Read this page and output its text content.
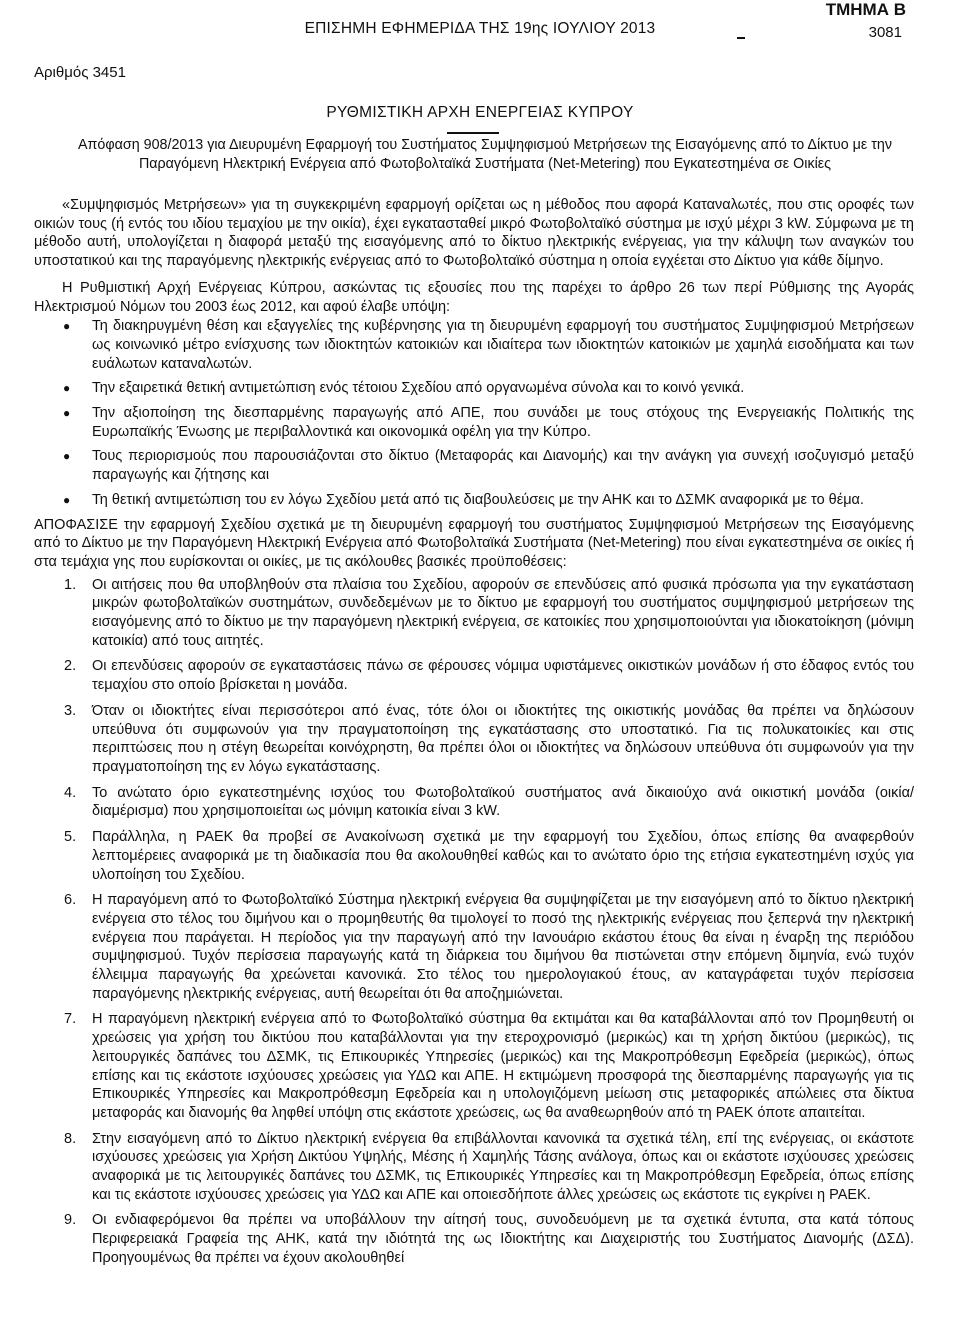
ΕΠΙΣΗΜΗ ΕΦΗΜΕΡΙΔΑ ΤΗΣ 19ης ΙΟΥΛΙΟΥ 2013
ΤΜΗΜΑ Β
3081
Αριθμός 3451
ΡΥΘΜΙΣΤΙΚΗ ΑΡΧΗ ΕΝΕΡΓΕΙΑΣ ΚΥΠΡΟΥ
Απόφαση 908/2013 για Διευρυμένη Εφαρμογή του Συστήματος Συμψηφισμού Μετρήσεων της Εισαγόμενης από το Δίκτυο με την Παραγόμενη Ηλεκτρική Ενέργεια από Φωτοβολταϊκά Συστήματα (Net-Metering) που Εγκατεστημένα σε Οικίες

«Συμψηφισμός Μετρήσεων» για τη συγκεκριμένη εφαρμογή ορίζεται ως η μέθοδος που αφορά Καταναλωτές, που στις οροφές των οικιών τους (ή εντός του ιδίου τεμαχίου με την οικία), έχει εγκατασταθεί μικρό Φωτοβολταϊκό σύστημα με ισχύ μέχρι 3 kW. Σύμφωνα με τη μέθοδο αυτή, υπολογίζεται η διαφορά μεταξύ της εισαγόμενης από το δίκτυο ηλεκτρικής ενέργειας, για την κάλυψη των αναγκών του υποστατικού και της παραγόμενης ηλεκτρικής ενέργειας από το Φωτοβολταϊκό σύστημα η οποία εγχέεται στο Δίκτυο για κάθε δίμηνο.

Η Ρυθμιστική Αρχή Ενέργειας Κύπρου, ασκώντας τις εξουσίες που της παρέχει το άρθρο 26 των περί Ρύθμισης της Αγοράς Ηλεκτρισμού Νόμων του 2003 έως 2012, και αφού έλαβε υπόψη:

● Τη διακηρυγμένη θέση και εξαγγελίες της κυβέρνησης για τη διευρυμένη εφαρμογή του συστήματος Συμψηφισμού Μετρήσεων ως κοινωνικό μέτρο ενίσχυσης των ιδιοκτητών κατοικιών και ιδιαίτερα των ιδιοκτητών κατοικιών με χαμηλά εισοδήματα και των ευάλωτων καταναλωτών.
● Την εξαιρετικά θετική αντιμετώπιση ενός τέτοιου Σχεδίου από οργανωμένα σύνολα και το κοινό γενικά.
● Την αξιοποίηση της διεσπαρμένης παραγωγής από ΑΠΕ, που συνάδει με τους στόχους της Ενεργειακής Πολιτικής της Ευρωπαϊκής Ένωσης με περιβαλλοντικά και οικονομικά οφέλη για την Κύπρο.
● Τους περιορισμούς που παρουσιάζονται στο δίκτυο (Μεταφοράς και Διανομής) και την ανάγκη για συνεχή ισοζυγισμό μεταξύ παραγωγής και ζήτησης και
● Τη θετική αντιμετώπιση του εν λόγω Σχεδίου μετά από τις διαβουλεύσεις με την ΑΗΚ και το ΔΣΜΚ αναφορικά με το θέμα.

ΑΠΟΦΑΣΙΣΕ την εφαρμογή Σχεδίου σχετικά με τη διευρυμένη εφαρμογή του συστήματος Συμψηφισμού Μετρήσεων της Εισαγόμενης από το Δίκτυο με την Παραγόμενη Ηλεκτρική Ενέργεια από Φωτοβολταϊκά Συστήματα (Net-Metering) που είναι εγκατεστημένα σε οικίες ή στα τεμάχια γης που ευρίσκονται οι οικίες, με τις ακόλουθες βασικές προϋποθέσεις:

1. Οι αιτήσεις που θα υποβληθούν στα πλαίσια του Σχεδίου, αφορούν σε επενδύσεις από φυσικά πρόσωπα για την εγκατάσταση μικρών φωτοβολταϊκών συστημάτων, συνδεδεμένων με το δίκτυο με εφαρμογή του συστήματος συμψηφισμού μετρήσεων της εισαγόμενης από το δίκτυο με την παραγόμενη ηλεκτρική ενέργεια, σε κατοικίες που χρησιμοποιούνται για ιδιοκατοίκηση (μόνιμη κατοικία) από τους αιτητές.
2. Οι επενδύσεις αφορούν σε εγκαταστάσεις πάνω σε φέρουσες νόμιμα υφιστάμενες οικιστικών μονάδων ή στο έδαφος εντός του τεμαχίου στο οποίο βρίσκεται η μονάδα.
3. Όταν οι ιδιοκτήτες είναι περισσότεροι από ένας, τότε όλοι οι ιδιοκτήτες της οικιστικής μονάδας θα πρέπει να δηλώσουν υπεύθυνα ότι συμφωνούν για την πραγματοποίηση της εγκατάστασης στο υποστατικό. Για τις πολυκατοικίες και στις περιπτώσεις που η στέγη θεωρείται κοινόχρηστη, θα πρέπει όλοι οι ιδιοκτήτες να δηλώσουν υπεύθυνα ότι συμφωνούν για την πραγματοποίηση της εν λόγω εγκατάστασης.
4. Το ανώτατο όριο εγκατεστημένης ισχύος του Φωτοβολταϊκού συστήματος ανά δικαιούχο ανά οικιστική μονάδα (οικία/ διαμέρισμα) που χρησιμοποιείται ως μόνιμη κατοικία είναι 3 kW.
5. Παράλληλα, η ΡΑΕΚ θα προβεί σε Ανακοίνωση σχετικά με την εφαρμογή του Σχεδίου, όπως επίσης θα αναφερθούν λεπτομέρειες αναφορικά με τη διαδικασία που θα ακολουθηθεί καθώς και το ανώτατο όριο της ετήσια εγκατεστημένη ισχύς για υλοποίηση του Σχεδίου.
6. Η παραγόμενη από το Φωτοβολταϊκό Σύστημα ηλεκτρική ενέργεια θα συμψηφίζεται με την εισαγόμενη από το δίκτυο ηλεκτρική ενέργεια στο τέλος του διμήνου και ο προμηθευτής θα τιμολογεί το ποσό της ηλεκτρικής ενέργειας που ξεπερνά την ηλεκτρική ενέργεια που παράγεται. Η περίοδος για την παραγωγή από την Ιανουάριο εκάστου έτους θα είναι η έναρξη της περιόδου συμψηφισμού. Τυχόν περίσσεια παραγωγής κατά τη διάρκεια του διμήνου θα πιστώνεται στην επόμενη διμηνία, ενώ τυχόν έλλειμμα παραγωγής θα χρεώνεται κανονικά. Στο τέλος του ημερολογιακού έτους, αν καταγράφεται τυχόν περίσσεια παραγόμενης ηλεκτρικής ενέργειας, αυτή θεωρείται ότι θα αποζημιώνεται.
7. Η παραγόμενη ηλεκτρική ενέργεια από το Φωτοβολταϊκό σύστημα θα εκτιμάται και θα καταβάλλονται από τον Προμηθευτή οι χρεώσεις για χρήση του δικτύου που καταβάλλονται για την ετεροχρονισμό (μερικώς) και τη χρήση δικτύου (μερικώς), τις λειτουργικές δαπάνες του ΔΣΜΚ, τις Επικουρικές Υπηρεσίες (μερικώς) και της Μακροπρόθεσμη Εφεδρεία (μερικώς), όπως επίσης και τις εκάστοτε ισχύουσες χρεώσεις για ΥΔΩ και ΑΠΕ. Η εκτιμώμενη προσφορά της διεσπαρμένης παραγωγής για τις Επικουρικές Υπηρεσίες και Μακροπρόθεσμη Εφεδρεία και η υπολογιζόμενη μείωση στις μεταφορικές απώλειες στα δίκτυα μεταφοράς και διανομής θα ληφθεί υπόψη στις εκάστοτε χρεώσεις, ως θα αναθεωρηθούν από τη ΡΑΕΚ όποτε απαιτείται.
8. Στην εισαγόμενη από το Δίκτυο ηλεκτρική ενέργεια θα επιβάλλονται κανονικά τα σχετικά τέλη, επί της ενέργειας, οι εκάστοτε ισχύουσες χρεώσεις για Χρήση Δικτύου Υψηλής, Μέσης ή Χαμηλής Τάσης ανάλογα, όπως και οι εκάστοτε ισχύουσες χρεώσεις αναφορικά με τις λειτουργικές δαπάνες του ΔΣΜΚ, τις Επικουρικές Υπηρεσίες και τη Μακροπρόθεσμη Εφεδρεία, όπως επίσης και τις εκάστοτε ισχύουσες χρεώσεις για ΥΔΩ και ΑΠΕ και οποιεσδήποτε άλλες χρεώσεις ως εκάστοτε τις εγκρίνει η ΡΑΕΚ.
9. Οι ενδιαφερόμενοι θα πρέπει να υποβάλλουν την αίτησή τους, συνοδευόμενη με τα σχετικά έντυπα, στα κατά τόπους Περιφερειακά Γραφεία της ΑΗΚ, κατά την ιδιότητά της ως Ιδιοκτήτης και Διαχειριστής του Συστήματος Διανομής (ΔΣΔ). Προηγουμένως θα πρέπει να έχουν ακολουθηθεί
